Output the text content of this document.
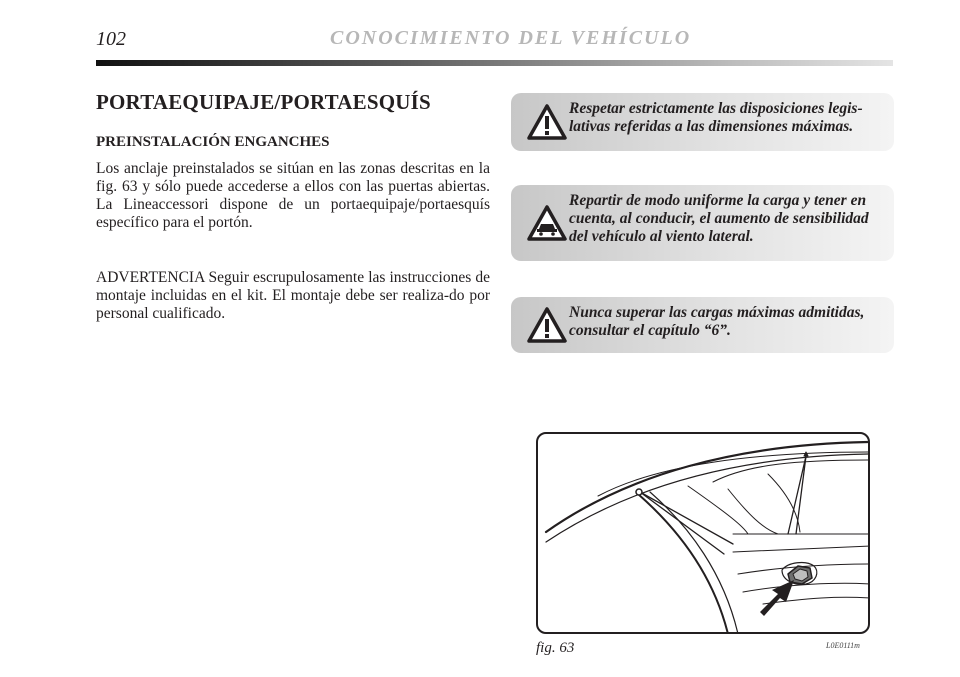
102	CONOCIMIENTO DEL VEHÍCULO
PORTAEQUIPAJE/PORTAESQUÍS
PREINSTALACIÓN ENGANCHES

Los anclaje preinstalados se sitúan en las zonas descritas en la fig. 63 y sólo puede accederse a ellos con las puertas abiertas. La Lineaccessori dispone de un portaequipaje/portaesquís específico para el portón.

ADVERTENCIA Seguir escrupulosamente las instrucciones de montaje incluidas en el kit. El montaje debe ser realiza-do por personal cualificado.

Respetar estrictamente las disposiciones legis-lativas referidas a las dimensiones máximas.

Repartir de modo uniforme la carga y tener en cuenta, al conducir, el aumento de sensibilidad del vehículo al viento lateral.

Nunca superar las cargas máximas admitidas, consultar el capítulo “6”.

fig. 63	L0E0111m
